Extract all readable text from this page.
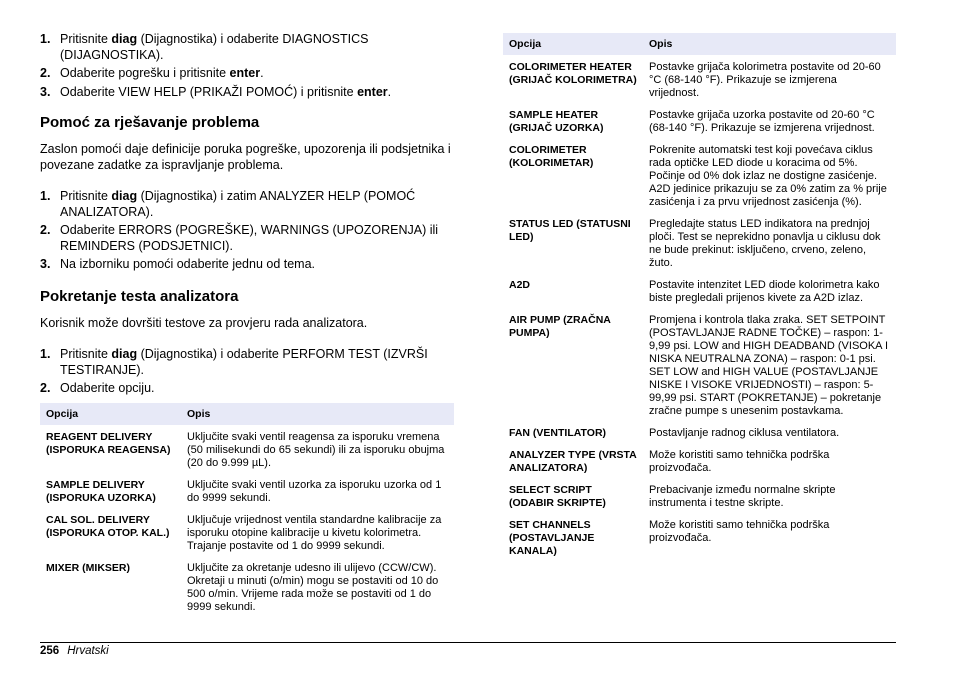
1. Pritisnite diag (Dijagnostika) i odaberite DIAGNOSTICS (DIJAGNOSTIKA).
2. Odaberite pogrešku i pritisnite enter.
3. Odaberite VIEW HELP (PRIKAŽI POMOĆ) i pritisnite enter.
Pomoć za rješavanje problema

Zaslon pomoći daje definicije poruka pogreške, upozorenja ili podsjetnika i povezane zadatke za ispravljanje problema.

1. Pritisnite diag (Dijagnostika) i zatim ANALYZER HELP (POMOĆ ANALIZATORA).
2. Odaberite ERRORS (POGREŠKE), WARNINGS (UPOZORENJA) ili REMINDERS (PODSJETNICI).
3. Na izborniku pomoći odaberite jednu od tema.
Pokretanje testa analizatora

Korisnik može dovršiti testove za provjeru rada analizatora.

1. Pritisnite diag (Dijagnostika) i odaberite PERFORM TEST (IZVRŠI TESTIRANJE).
2. Odaberite opciju.
Opcija	Opis
REAGENT DELIVERY (ISPORUKA REAGENSA)	Uključite svaki ventil reagensa za isporuku vremena (50 milisekundi do 65 sekundi) ili za isporuku obujma (20 do 9.999 µL).
SAMPLE DELIVERY (ISPORUKA UZORKA)	Uključite svaki ventil uzorka za isporuku uzorka od 1 do 9999 sekundi.
CAL SOL. DELIVERY (ISPORUKA OTOP. KAL.)	Uključuje vrijednost ventila standardne kalibracije za isporuku otopine kalibracije u kivetu kolorimetra. Trajanje postavite od 1 do 9999 sekundi.
MIXER (MIKSER)	Uključite za okretanje udesno ili ulijevo (CCW/CW). Okretaji u minuti (o/min) mogu se postaviti od 10 do 500 o/min. Vrijeme rada može se postaviti od 1 do 9999 sekundi.
Opcija	Opis
COLORIMETER HEATER (GRIJAČ KOLORIMETRA)	Postavke grijača kolorimetra postavite od 20-60 °C (68-140 °F). Prikazuje se izmjerena vrijednost.
SAMPLE HEATER (GRIJAČ UZORKA)	Postavke grijača uzorka postavite od 20-60 °C (68-140 °F). Prikazuje se izmjerena vrijednost.
COLORIMETER (KOLORIMETAR)	Pokrenite automatski test koji povećava ciklus rada optičke LED diode u koracima od 5%. Počinje od 0% dok izlaz ne dostigne zasićenje. A2D jedinice prikazuju se za 0% zatim za % prije zasićenja i za prvu vrijednost zasićenja (%).
STATUS LED (STATUSNI LED)	Pregledajte status LED indikatora na prednjoj ploči. Test se neprekidno ponavlja u ciklusu dok ne bude prekinut: isključeno, crveno, zeleno, žuto.
A2D	Postavite intenzitet LED diode kolorimetra kako biste pregledali prijenos kivete za A2D izlaz.
AIR PUMP (ZRAČNA PUMPA)	Promjena i kontrola tlaka zraka. SET SETPOINT (POSTAVLJANJE RADNE TOČKE) – raspon: 1-9,99 psi. LOW and HIGH DEADBAND (VISOKA I NISKA NEUTRALNA ZONA) – raspon: 0-1 psi. SET LOW and HIGH VALUE (POSTAVLJANJE NISKE I VISOKE VRIJEDNOSTI) – raspon: 5-99,99 psi. START (POKRETANJE) – pokretanje zračne pumpe s unesenim postavkama.
FAN (VENTILATOR)	Postavljanje radnog ciklusa ventilatora.
ANALYZER TYPE (VRSTA ANALIZATORA)	Može koristiti samo tehnička podrška proizvođača.
SELECT SCRIPT (ODABIR SKRIPTE)	Prebacivanje između normalne skripte instrumenta i testne skripte.
SET CHANNELS (POSTAVLJANJE KANALA)	Može koristiti samo tehnička podrška proizvođača.
256 Hrvatski
